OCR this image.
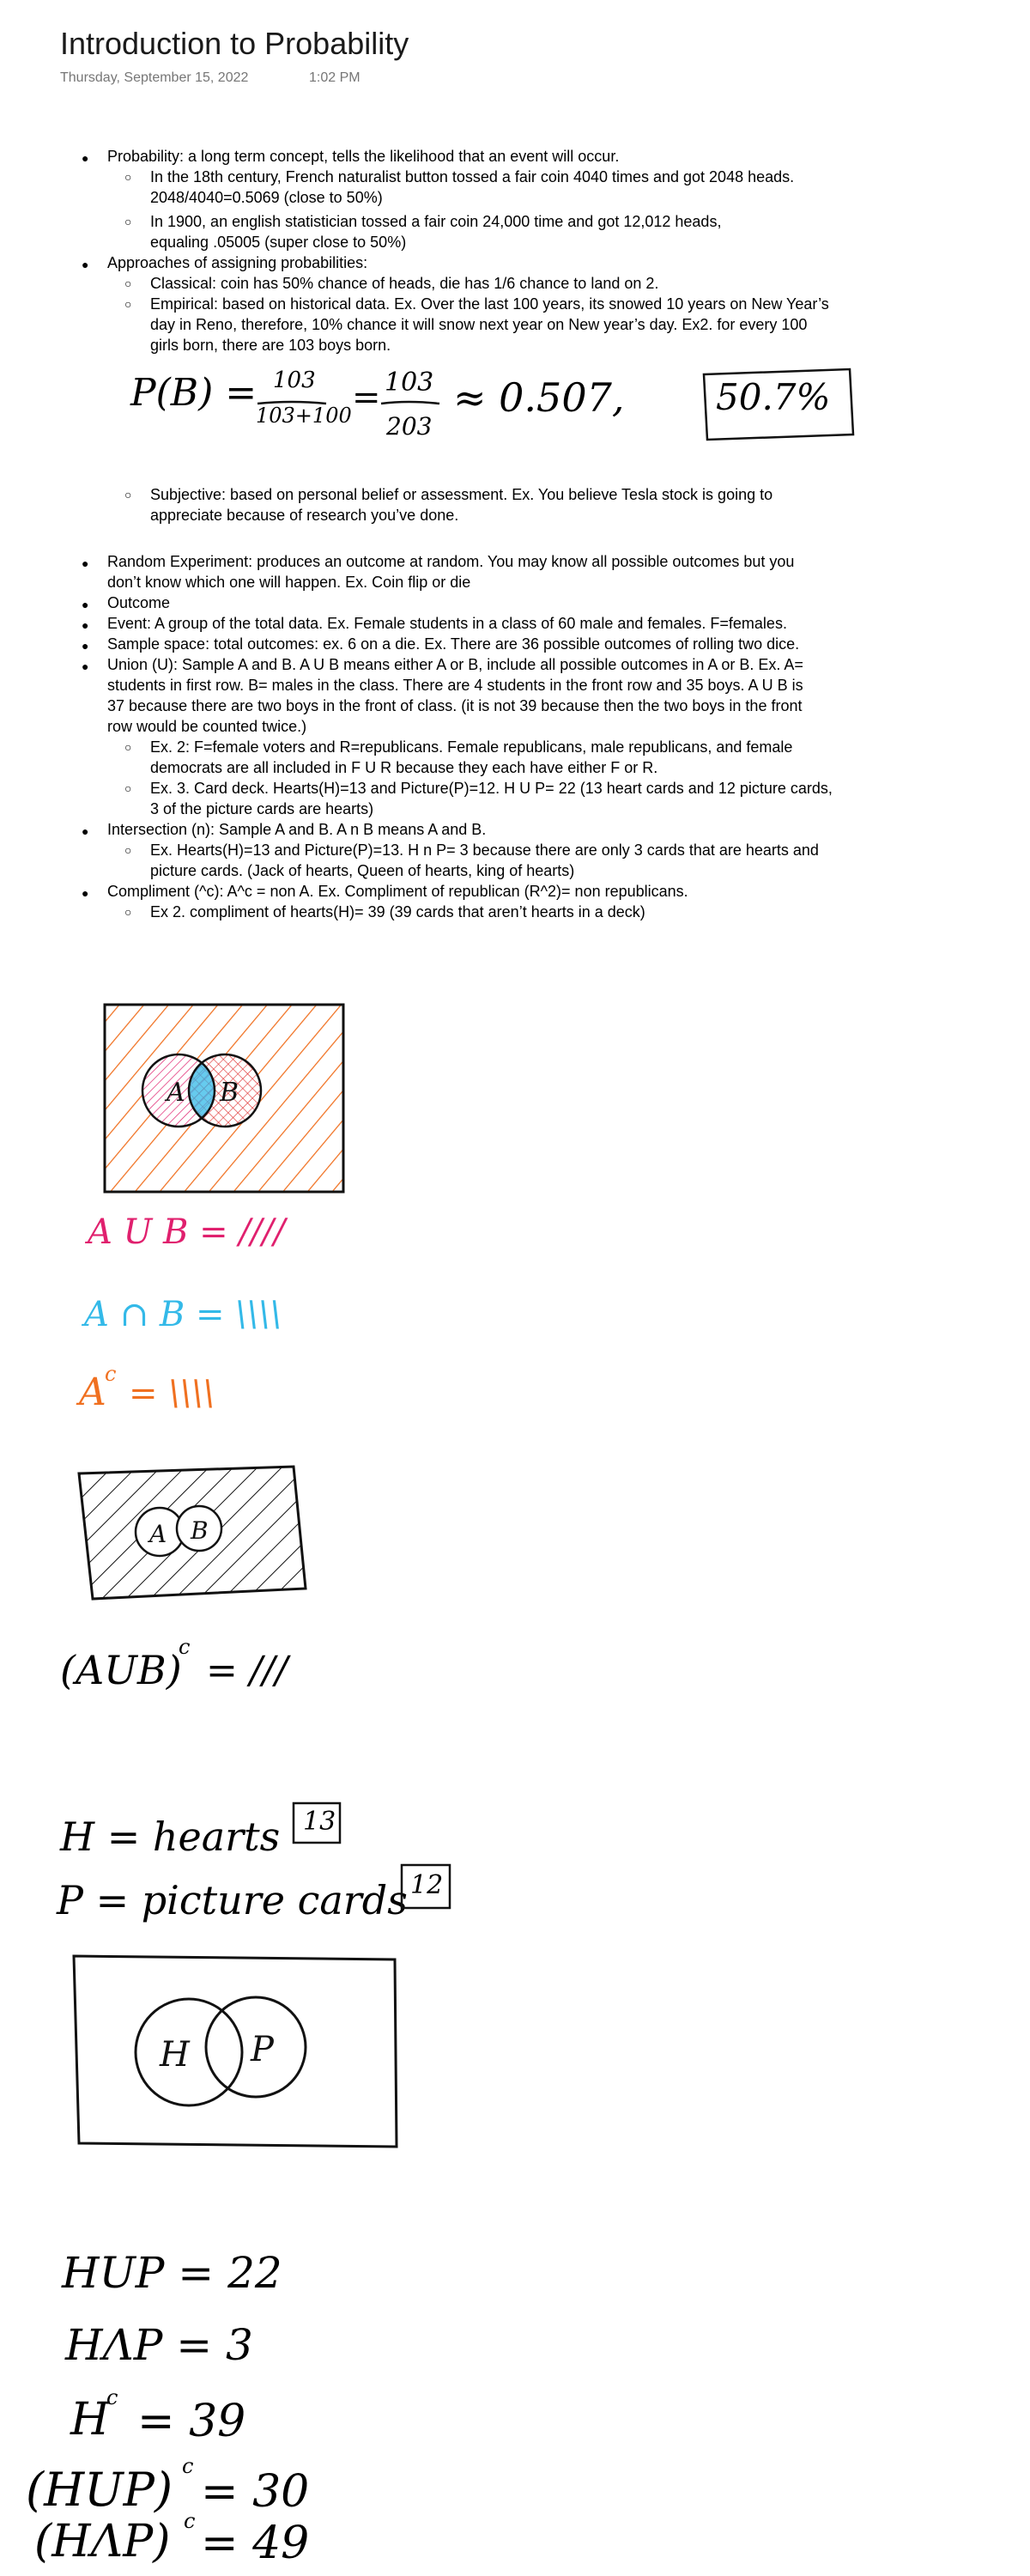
Introduction to Probability
Thursday, September 15, 2022	1:02 PM
● Probability: a long term concept, tells the likelihood that an event will occur.
○ In the 18th century, French naturalist button tossed a fair coin 4040 times and got 2048 heads.
2048/4040=0.5069 (close to 50%)
○ In 1900, an english statistician tossed a fair coin 24,000 time and got 12,012 heads,
equaling .05005 (super close to 50%)
● Approaches of assigning probabilities:
○ Classical: coin has 50% chance of heads, die has 1/6 chance to land on 2.
○ Empirical: based on historical data. Ex. Over the last 100 years, its snowed 10 years on New Year’s
day in Reno, therefore, 10% chance it will snow next year on New year’s day. Ex2. for every 100
girls born, there are 103 boys born.
○ Subjective: based on personal belief or assessment. Ex. You believe Tesla stock is going to
appreciate because of research you’ve done.
● Random Experiment: produces an outcome at random. You may know all possible outcomes but you
don’t know which one will happen. Ex. Coin flip or die
● Outcome
● Event: A group of the total data. Ex. Female students in a class of 60 male and females. F=females.
● Sample space: total outcomes: ex. 6 on a die. Ex. There are 36 possible outcomes of rolling two dice.
● Union (U): Sample A and B. A U B means either A or B, include all possible outcomes in A or B. Ex. A=
students in first row. B= males in the class. There are 4 students in the front row and 35 boys. A U B is
37 because there are two boys in the front of class. (it is not 39 because then the two boys in the front
row would be counted twice.)
○ Ex. 2: F=female voters and R=republicans. Female republicans, male republicans, and female
democrats are all included in F U R because they each have either F or R.
○ Ex. 3. Card deck. Hearts(H)=13 and Picture(P)=12. H U P= 22 (13 heart cards and 12 picture cards,
3 of the picture cards are hearts)
● Intersection (n): Sample A and B. A n B means A and B.
○ Ex. Hearts(H)=13 and Picture(P)=13. H n P= 3 because there are only 3 cards that are hearts and
picture cards. (Jack of hearts, Queen of hearts, king of hearts)
● Compliment (^c): A^c = non A. Ex. Compliment of republican (R^2)= non republicans.
○ Ex 2. compliment of hearts(H)= 39 (39 cards that aren’t hearts in a deck)
P(B) = 103
103+100 = 103
203
≈ 0.507,	50.7%
A U B = ////
A ∩ B = \\\\
A
c = \\\\
(AUB)
c
= ///
H = hearts 13
P = picture cards 12
HUP = 22
HΛP = 3
H
c = 39
(HUP) c = 30
(HΛP) c = 49
A B
A B
H P
